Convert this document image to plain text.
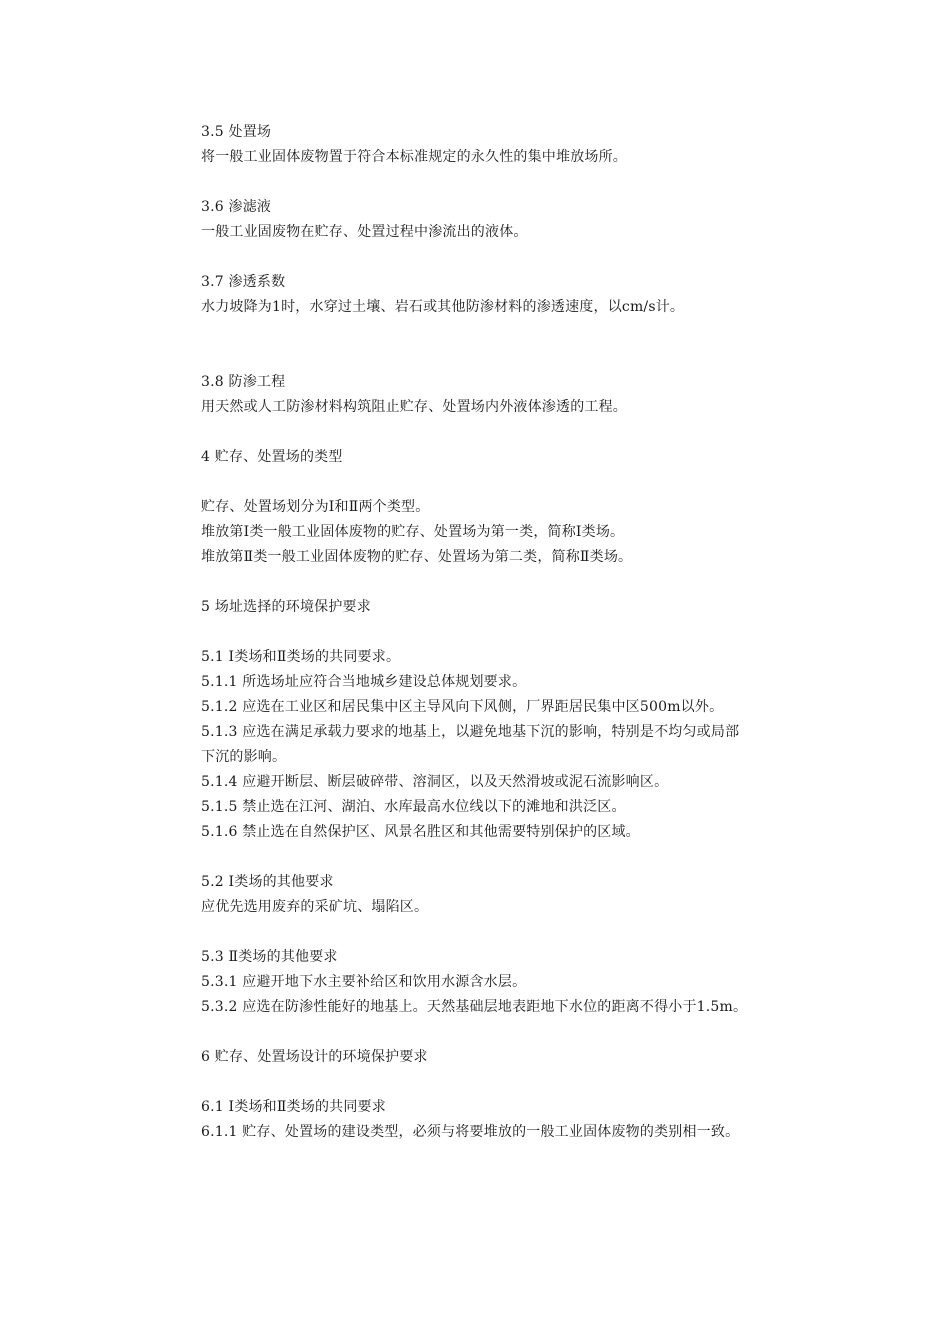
3.5 处置场

将一般工业固体废物置于符合本标准规定的永久性的集中堆放场所。

3.6 渗滤液

一般工业固废物在贮存、处置过程中渗流出的液体。

3.7 渗透系数

水力坡降为1时，水穿过土壤、岩石或其他防渗材料的渗透速度，以cm/s计。

3.8 防渗工程

用天然或人工防渗材料构筑阻止贮存、处置场内外液体渗透的工程。

4 贮存、处置场的类型

贮存、处置场划分为Ⅰ和Ⅱ两个类型。

堆放第Ⅰ类一般工业固体废物的贮存、处置场为第一类，简称Ⅰ类场。

堆放第Ⅱ类一般工业固体废物的贮存、处置场为第二类，简称Ⅱ类场。

5 场址选择的环境保护要求

5.1 Ⅰ类场和Ⅱ类场的共同要求。

5.1.1 所选场址应符合当地城乡建设总体规划要求。

5.1.2 应选在工业区和居民集中区主导风向下风侧，厂界距居民集中区500m以外。

5.1.3 应选在满足承载力要求的地基上，以避免地基下沉的影响，特别是不均匀或局部下沉的影响。

5.1.4 应避开断层、断层破碎带、溶洞区，以及天然滑坡或泥石流影响区。

5.1.5 禁止选在江河、湖泊、水库最高水位线以下的滩地和洪泛区。

5.1.6 禁止选在自然保护区、风景名胜区和其他需要特别保护的区域。

5.2 Ⅰ类场的其他要求

应优先选用废弃的采矿坑、塌陷区。

5.3 Ⅱ类场的其他要求

5.3.1 应避开地下水主要补给区和饮用水源含水层。

5.3.2 应选在防渗性能好的地基上。天然基础层地表距地下水位的距离不得小于1.5m。

6 贮存、处置场设计的环境保护要求

6.1 Ⅰ类场和Ⅱ类场的共同要求

6.1.1 贮存、处置场的建设类型，必须与将要堆放的一般工业固体废物的类别相一致。
